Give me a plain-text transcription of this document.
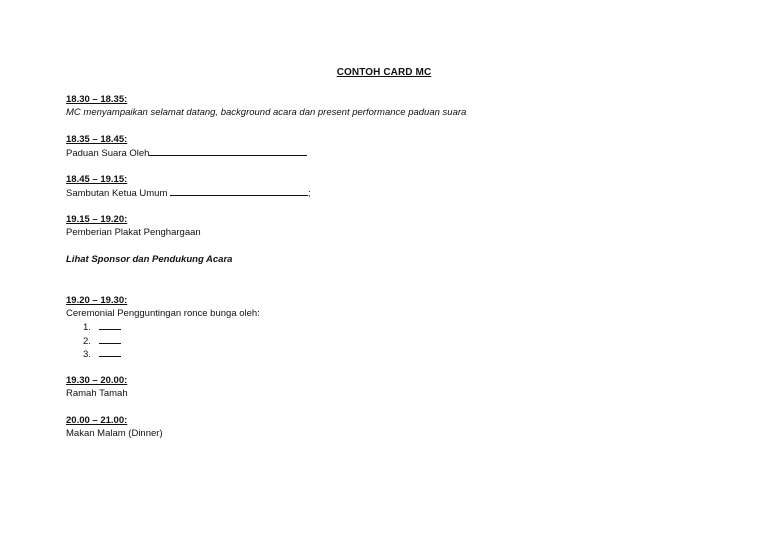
CONTOH CARD MC
18.30 – 18.35:
MC menyampaikan selamat datang, background acara dan present performance paduan suara
18.35 – 18.45:
Paduan Suara Oleh
18.45 – 19.15:
Sambutan Ketua Umum	;
19.15 – 19.20:
Pemberian Plakat Penghargaan
Lihat Sponsor dan Pendukung Acara
19.20 – 19.30:
Ceremonial Pengguntingan ronce bunga oleh:
1.
2.
3.
19.30 – 20.00:
Ramah Tamah
20.00 – 21.00:
Makan Malam (Dinner)
